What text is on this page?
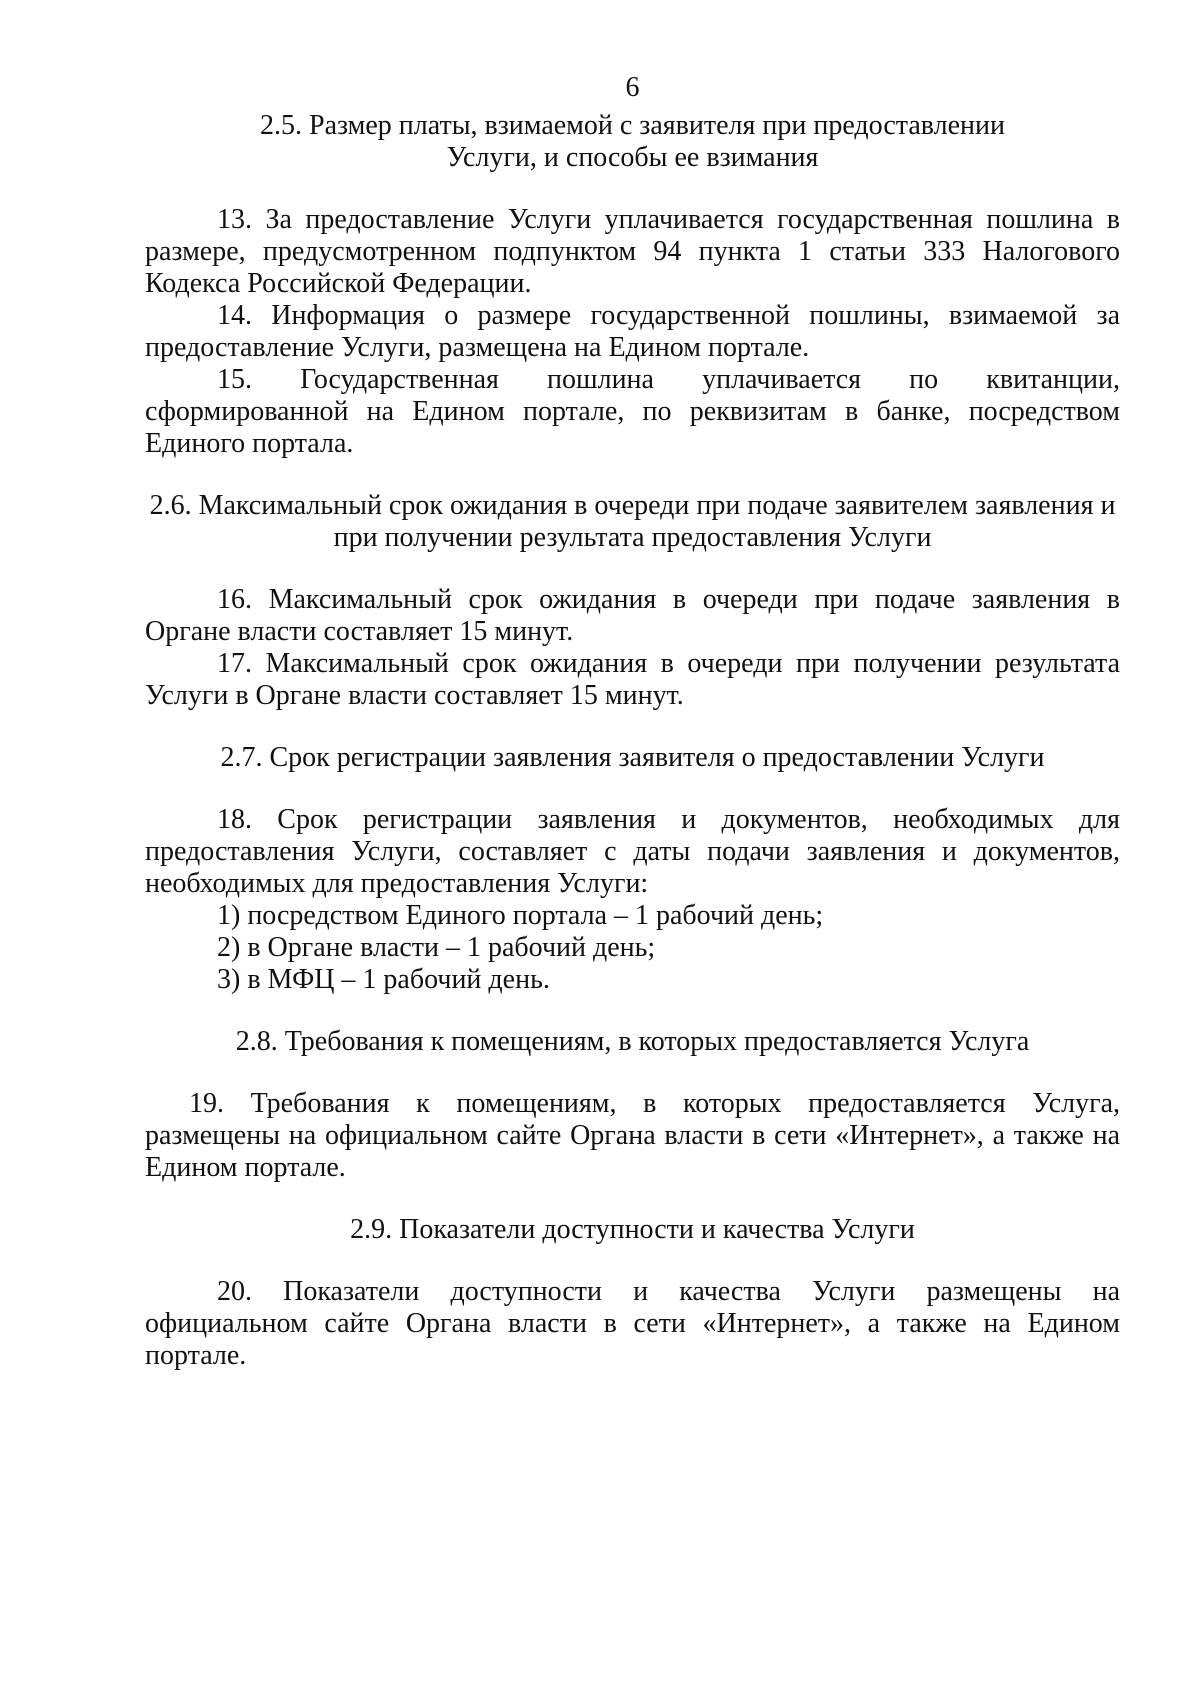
6

2.5. Размер платы, взимаемой с заявителя при предоставлении Услуги, и способы ее взимания

13. За предоставление Услуги уплачивается государственная пошлина в размере, предусмотренном подпунктом 94 пункта 1 статьи 333 Налогового Кодекса Российской Федерации.

14. Информация о размере государственной пошлины, взимаемой за предоставление Услуги, размещена на Едином портале.

15. Государственная пошлина уплачивается по квитанции, сформированной на Едином портале, по реквизитам в банке, посредством Единого портала.

2.6. Максимальный срок ожидания в очереди при подаче заявителем заявления и при получении результата предоставления Услуги

16. Максимальный срок ожидания в очереди при подаче заявления в Органе власти составляет 15 минут.

17. Максимальный срок ожидания в очереди при получении результата Услуги в Органе власти составляет 15 минут.

2.7. Срок регистрации заявления заявителя о предоставлении Услуги

18. Срок регистрации заявления и документов, необходимых для предоставления Услуги, составляет с даты подачи заявления и документов, необходимых для предоставления Услуги:

1) посредством Единого портала – 1 рабочий день;

2) в Органе власти – 1 рабочий день;

3) в МФЦ – 1 рабочий день.

2.8. Требования к помещениям, в которых предоставляется Услуга

19. Требования к помещениям, в которых предоставляется Услуга, размещены на официальном сайте Органа власти в сети «Интернет», а также на Едином портале.

2.9. Показатели доступности и качества Услуги

20. Показатели доступности и качества Услуги размещены на официальном сайте Органа власти в сети «Интернет», а также на Едином портале.
